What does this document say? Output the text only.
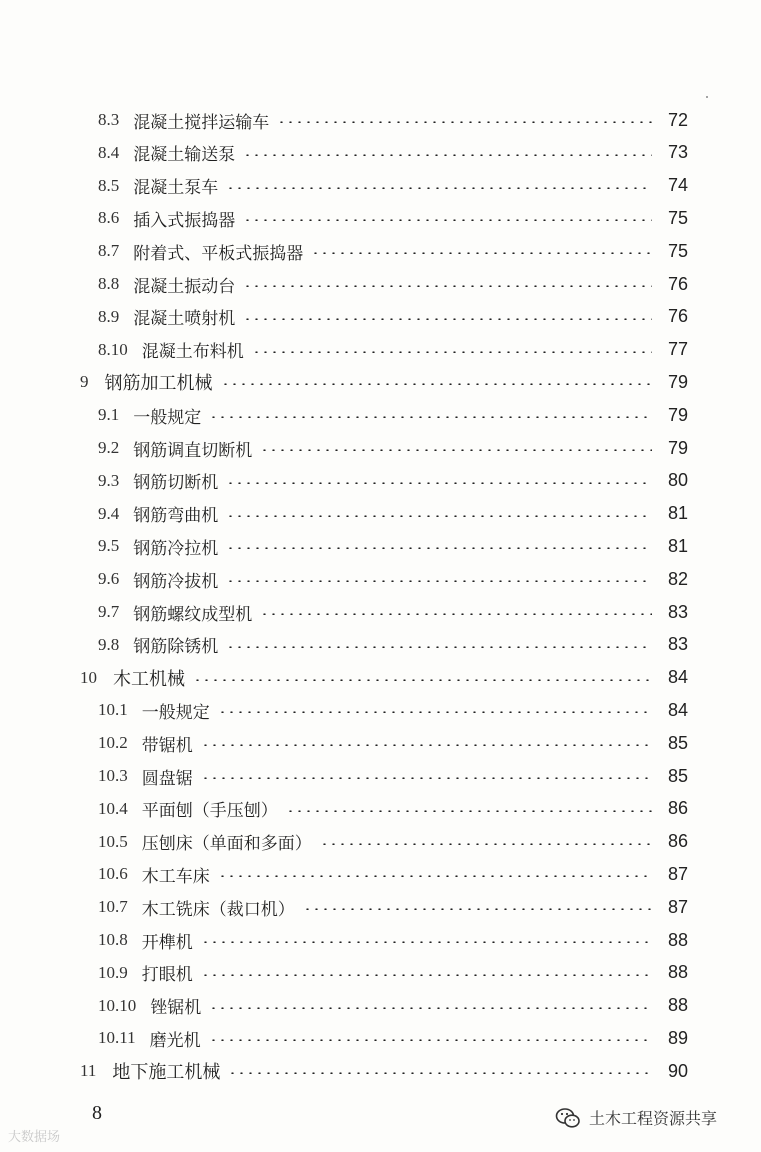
8.3 混凝土搅拌运输车	72
8.4 混凝土输送泵	73
8.5 混凝土泵车	74
8.6 插入式振捣器	75
8.7 附着式、平板式振捣器	75
8.8 混凝土振动台	76
8.9 混凝土喷射机	76
8.10 混凝土布料机	77
9 钢筋加工机械	79
9.1 一般规定	79
9.2 钢筋调直切断机	79
9.3 钢筋切断机	80
9.4 钢筋弯曲机	81
9.5 钢筋冷拉机	81
9.6 钢筋冷拔机	82
9.7 钢筋螺纹成型机	83
9.8 钢筋除锈机	83
10 木工机械	84
10.1 一般规定	84
10.2 带锯机	85
10.3 圆盘锯	85
10.4 平面刨（手压刨）	86
10.5 压刨床（单面和多面）	86
10.6 木工车床	87
10.7 木工铣床（裁口机）	87
10.8 开榫机	88
10.9 打眼机	88
10.10 锉锯机	88
10.11 磨光机	89
11 地下施工机械	90
8
大数据场
土木工程资源共享
